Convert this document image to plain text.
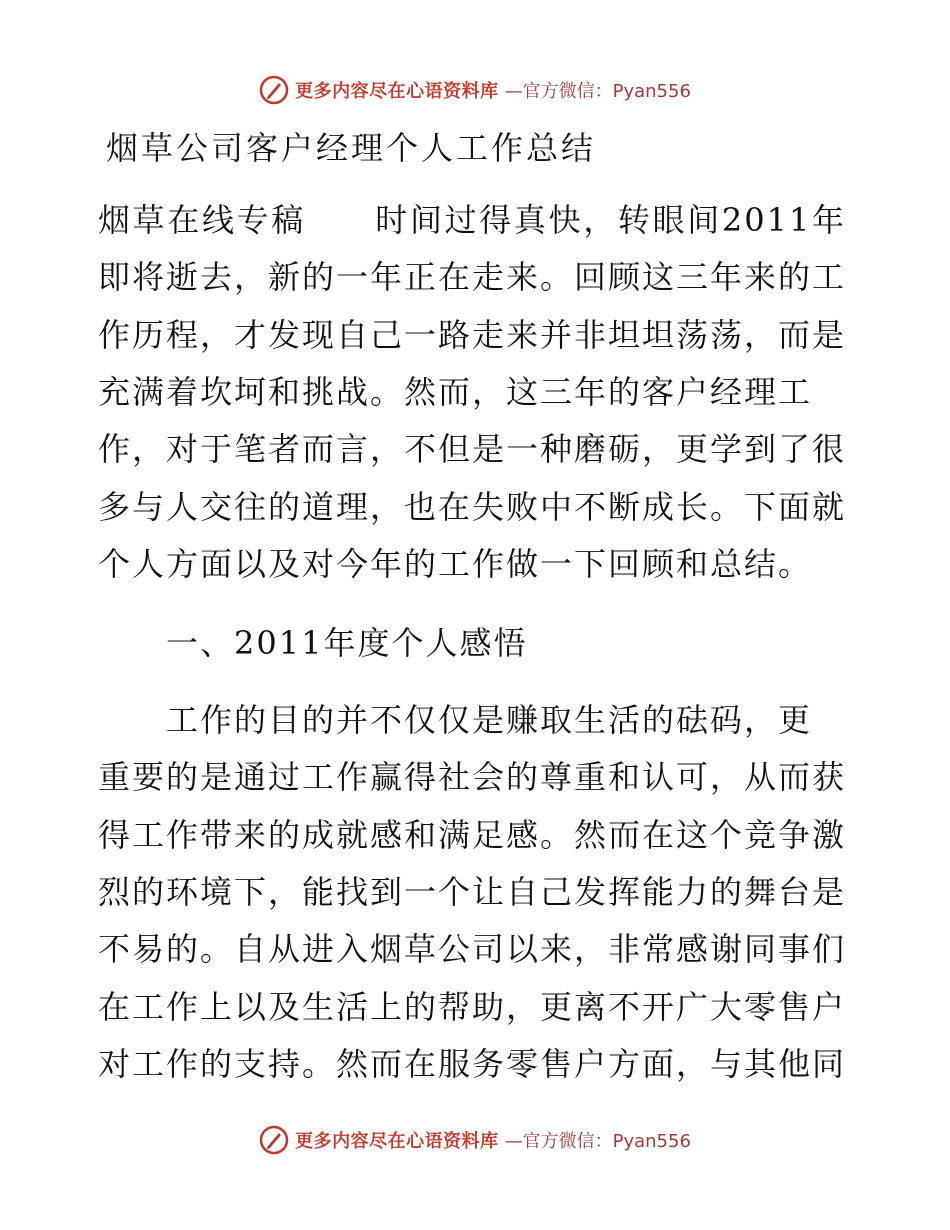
更多内容尽在心语资料库 —官方微信：Pyan556
烟草公司客户经理个人工作总结
烟草在线专稿　　时间过得真快，转眼间2011年
即将逝去，新的一年正在走来。回顾这三年来的工
作历程，才发现自己一路走来并非坦坦荡荡，而是
充满着坎坷和挑战。然而，这三年的客户经理工
作，对于笔者而言，不但是一种磨砺，更学到了很
多与人交往的道理，也在失败中不断成长。下面就
个人方面以及对今年的工作做一下回顾和总结。
　　一、2011年度个人感悟
　　工作的目的并不仅仅是赚取生活的砝码，更
重要的是通过工作赢得社会的尊重和认可，从而获
得工作带来的成就感和满足感。然而在这个竞争激
烈的环境下，能找到一个让自己发挥能力的舞台是
不易的。自从进入烟草公司以来，非常感谢同事们
在工作上以及生活上的帮助，更离不开广大零售户
对工作的支持。然而在服务零售户方面，与其他同
更多内容尽在心语资料库 —官方微信：Pyan556
